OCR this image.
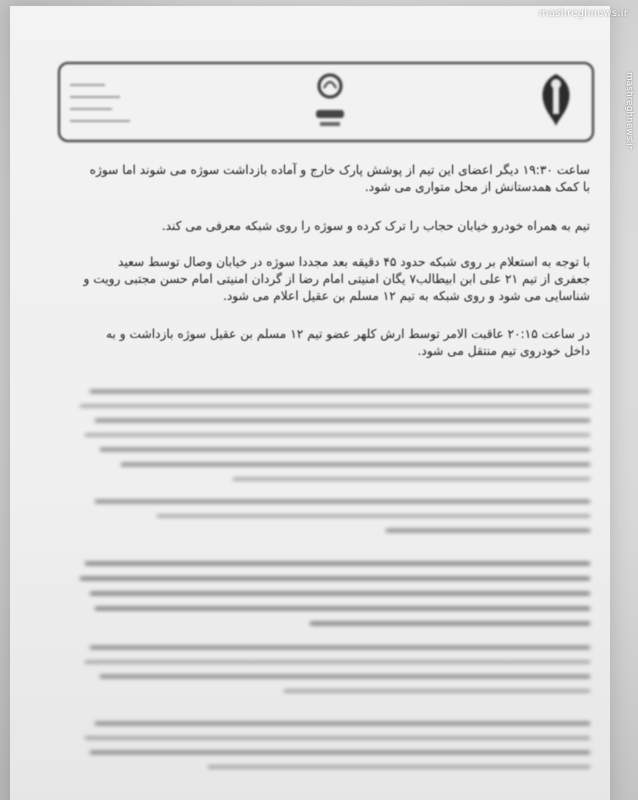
ساعت ۱۹:۳۰ دیگر اعضای این تیم از پوشش پارک خارج و آماده بازداشت سوژه می شوند اما سوژه با کمک همدستانش از محل متواری می شود.
تیم به همراه خودرو خیابان حجاب را ترک کرده و سوژه را روی شبکه معرفی می کند.
با توجه به استعلام بر روی شبکه حدود ۴۵ دقیقه بعد مجددا سوژه در خیابان وصال توسط سعید جعفری از تیم ۲۱ علی ابن ابیطالب۷ یگان امنیتی امام رضا از گردان امنیتی امام حسن مجتبی رویت و شناسایی می شود و روی شبکه به تیم ۱۲ مسلم بن عقیل اعلام می شود.
در ساعت ۲۰:۱۵ عاقبت الامر توسط ارش کلهر عضو تیم ۱۲ مسلم بن عقیل سوژه بازداشت و به داخل خودروی تیم منتقل می شود.
mashreghnews.ir
mashreghnews.ir
